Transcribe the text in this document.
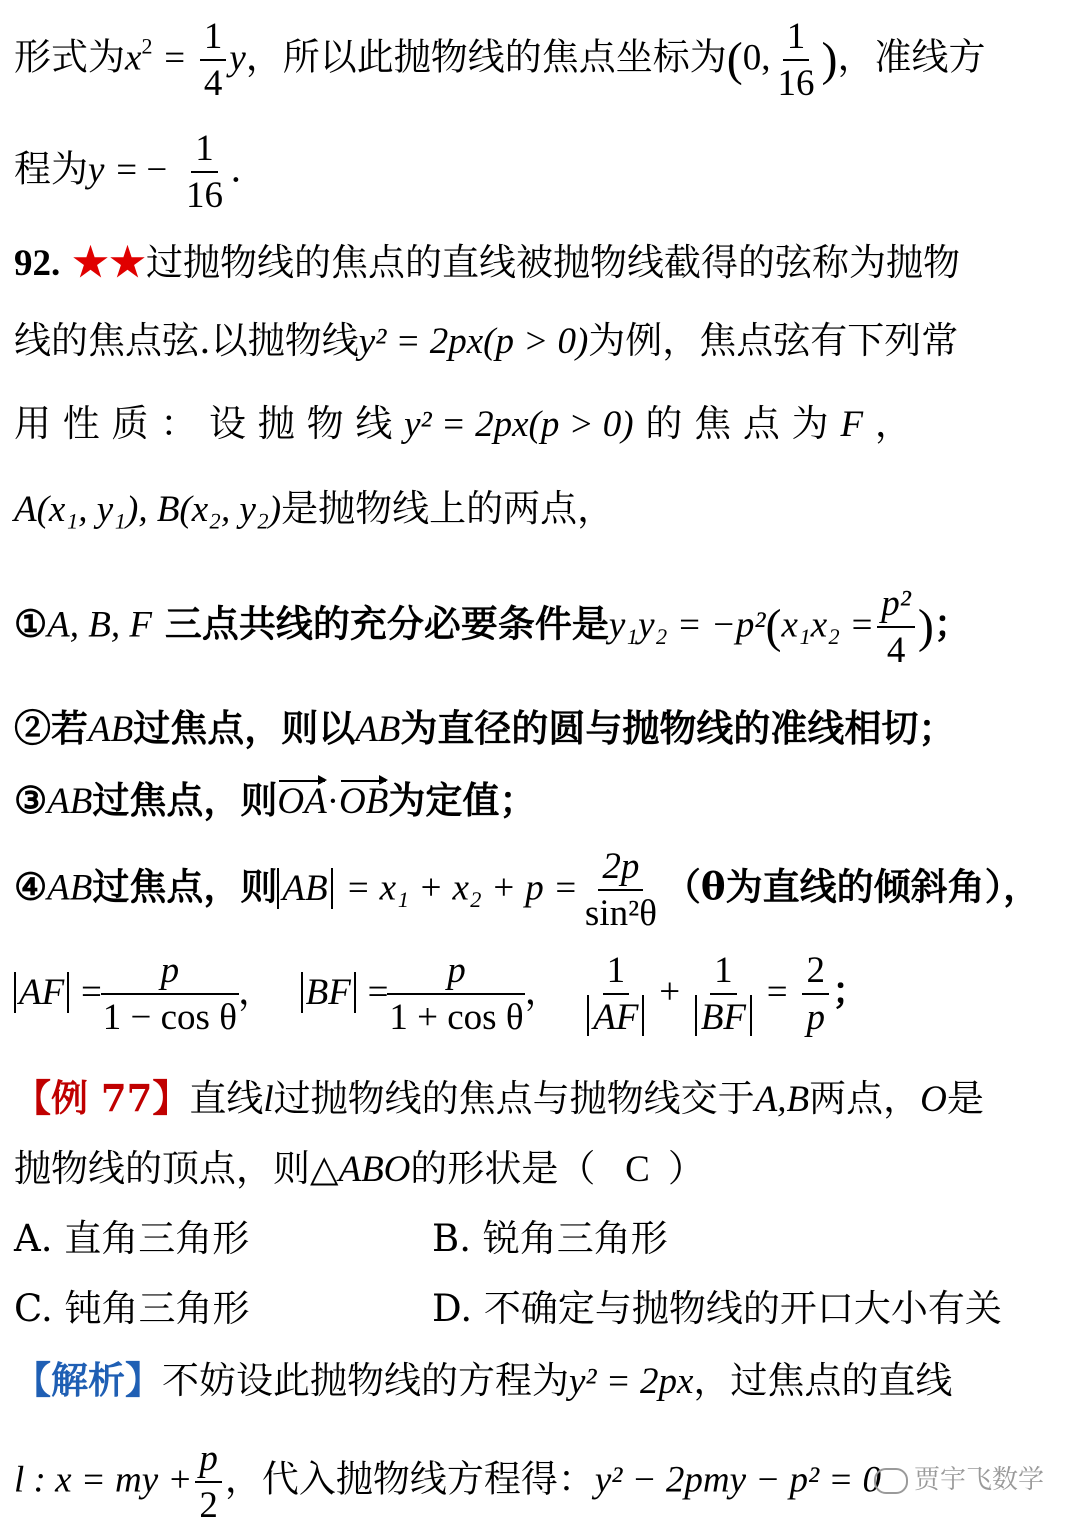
形式为$x^2 = \frac{1}{4}$ y，所以此抛物线的焦点坐标为(0, $\frac{1}{16}$ )，准线方
程为y = − $\frac{1}{16}$ .
92. ★★过抛物线的焦点的直线被抛物线截得的弦称为抛物
线的焦点弦.以抛物线y² = 2px(p > 0)为例，焦点弦有下列常
用 性 质 ： 设 抛 物 线 y² = 2px(p > 0) 的 焦 点 为 F ，
A(x₁, y₁), B(x₂, y₂)是抛物线上的两点，
①A, B, F 三点共线的充分必要条件是$y_1y_2 = -p^2(x_1x_2 = \frac{\text{p²}}{4}$ )；
②若AB过焦点，则以AB为直径的圆与抛物线的准线相切；
③AB过焦点，则OA·OB为定值；
④AB过焦点，则 AB = $x_1 + x_2 + p = \frac{2p}{\text{sin²θ}} (\theta$为直线的倾斜角），
AF = $\frac{p}{\text{1 − cos θ}}$ ， BF = $\frac{p}{\text{1 + cos θ}}$ ， $\frac{1}{AF} + \frac{1}{BF} = \frac{2}{p}$ ；
【例 77】直线l过抛物线的焦点与抛物线交于A,B两点，O是
抛物线的顶点，则△ABO的形状是（ C ）
A. 直角三角形	B. 锐角三角形
C. 钝角三角形	D. 不确定与抛物线的开口大小有关
【解析】不妨设此抛物线的方程为y² = 2px，过焦点的直线
l : x = my + $\frac{p}{2}$ ，代入抛物线方程得：y² − 2pmy − p² = 0	贾宇飞数学
